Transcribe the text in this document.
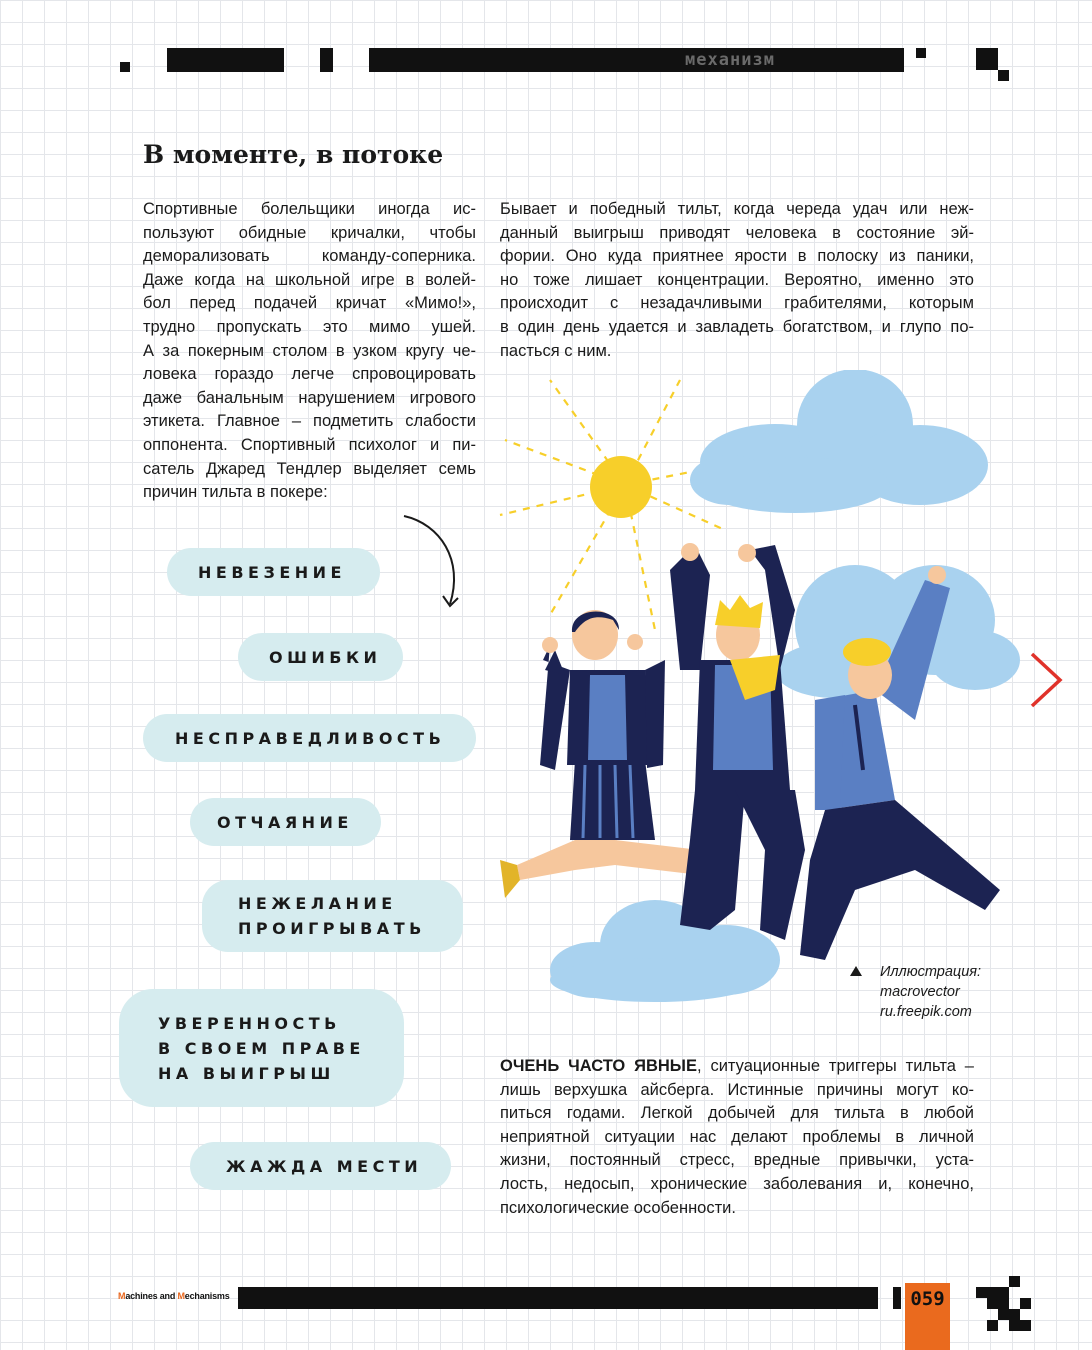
механизм
В моменте, в потоке
Спортивные болельщики иногда ис-
пользуют обидные кричалки, чтобы
деморализовать команду-соперника.
Даже когда на школьной игре в волей-
бол перед подачей кричат «Мимо!»,
трудно пропускать это мимо ушей.
А за покерным столом в узком кругу че-
ловека гораздо легче спровоцировать
даже банальным нарушением игрового
этикета. Главное – подметить слабости
оппонента. Спортивный психолог и пи-
сатель Джаред Тендлер выделяет семь
причин тильта в покере:
Бывает и победный тильт, когда череда удач или неж-
данный выигрыш приводят человека в состояние эй-
фории. Оно куда приятнее ярости в полоску из паники,
но тоже лишает концентрации. Вероятно, именно это
происходит с незадачливыми грабителями, которым
в один день удается и завладеть богатством, и глупо по-
пасться с ним.
НЕВЕЗЕНИЕ
ОШИБКИ
НЕСПРАВЕДЛИВОСТЬ
ОТЧАЯНИЕ
НЕЖЕЛАНИЕ
ПРОИГРЫВАТЬ
УВЕРЕННОСТЬ
В СВОЕМ ПРАВЕ
НА ВЫИГРЫШ
ЖАЖДА МЕСТИ
Иллюстрация:
macrovector
ru.freepik.com
ОЧЕНЬ ЧАСТО ЯВНЫЕ, ситуационные триггеры тильта –
лишь верхушка айсберга. Истинные причины могут ко-
питься годами. Легкой добычей для тильта в любой
неприятной ситуации нас делают проблемы в личной
жизни, постоянный стресс, вредные привычки, уста-
лость, недосып, хронические заболевания и, конечно,
психологические особенности.
Machines and Mechanisms	059
